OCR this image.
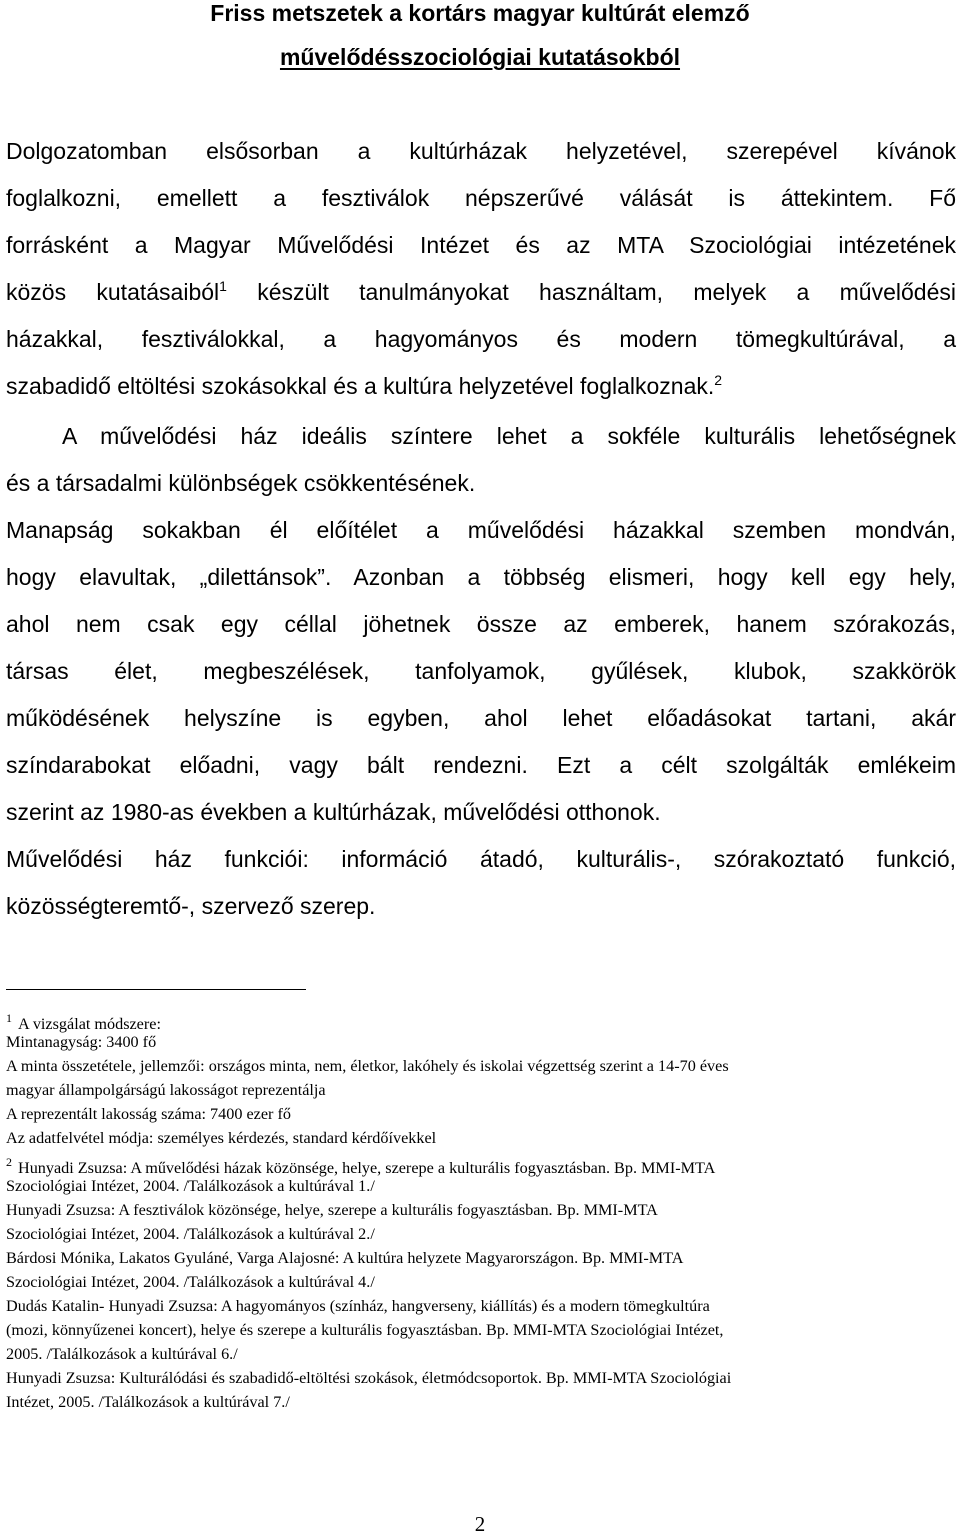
Friss metszetek a kortárs magyar kultúrát elemző
művelődésszociológiai kutatásokból

Dolgozatomban elsősorban a kultúrházak helyzetével, szerepével kívánok

foglalkozni, emellett a fesztiválok népszerűvé válását is áttekintem. Fő

forrásként a Magyar Művelődési Intézet és az MTA Szociológiai intézetének

közös kutatásaiból$^1$ készült tanulmányokat használtam, melyek a művelődési

házakkal, fesztiválokkal, a hagyományos és modern tömegkultúrával, a

szabadidő eltöltési szokásokkal és a kultúra helyzetével foglalkoznak.$^2$

A művelődési ház ideális színtere lehet a sokféle kulturális lehetőségnek

és a társadalmi különbségek csökkentésének.

Manapság sokakban él előítélet a művelődési házakkal szemben mondván,

hogy elavultak, „dilettánsok”. Azonban a többség elismeri, hogy kell egy hely,

ahol nem csak egy céllal jöhetnek össze az emberek, hanem szórakozás,

társas élet, megbeszélések, tanfolyamok, gyűlések, klubok, szakkörök

működésének helyszíne is egyben, ahol lehet előadásokat tartani, akár

színdarabokat előadni, vagy bált rendezni. Ezt a célt szolgálták emlékeim

szerint az 1980-as években a kultúrházak, művelődési otthonok.

Művelődési ház funkciói: információ átadó, kulturális-, szórakoztató funkció,

közösségteremtő-, szervező szerep.

$^1$ A vizsgálat módszere:

Mintanagyság: 3400 fő

A minta összetétele, jellemzői: országos minta, nem, életkor, lakóhely és iskolai végzettség szerint a 14-70 éves

magyar állampolgárságú lakosságot reprezentálja

A reprezentált lakosság száma: 7400 ezer fő

Az adatfelvétel módja: személyes kérdezés, standard kérdőívekkel

$^2$ Hunyadi Zsuzsa: A művelődési házak közönsége, helye, szerepe a kulturális fogyasztásban. Bp. MMI-MTA

Szociológiai Intézet, 2004. /Találkozások a kultúrával 1./

Hunyadi Zsuzsa: A fesztiválok közönsége, helye, szerepe a kulturális fogyasztásban. Bp. MMI-MTA

Szociológiai Intézet, 2004. /Találkozások a kultúrával 2./

Bárdosi Mónika, Lakatos Gyuláné, Varga Alajosné: A kultúra helyzete Magyarországon. Bp. MMI-MTA

Szociológiai Intézet, 2004. /Találkozások a kultúrával 4./

Dudás Katalin- Hunyadi Zsuzsa: A hagyományos (színház, hangverseny, kiállítás) és a modern tömegkultúra

(mozi, könnyűzenei koncert), helye és szerepe a kulturális fogyasztásban. Bp. MMI-MTA Szociológiai Intézet,

2005. /Találkozások a kultúrával 6./

Hunyadi Zsuzsa: Kulturálódási és szabadidő-eltöltési szokások, életmódcsoportok. Bp. MMI-MTA Szociológiai

Intézet, 2005. /Találkozások a kultúrával 7./

2
